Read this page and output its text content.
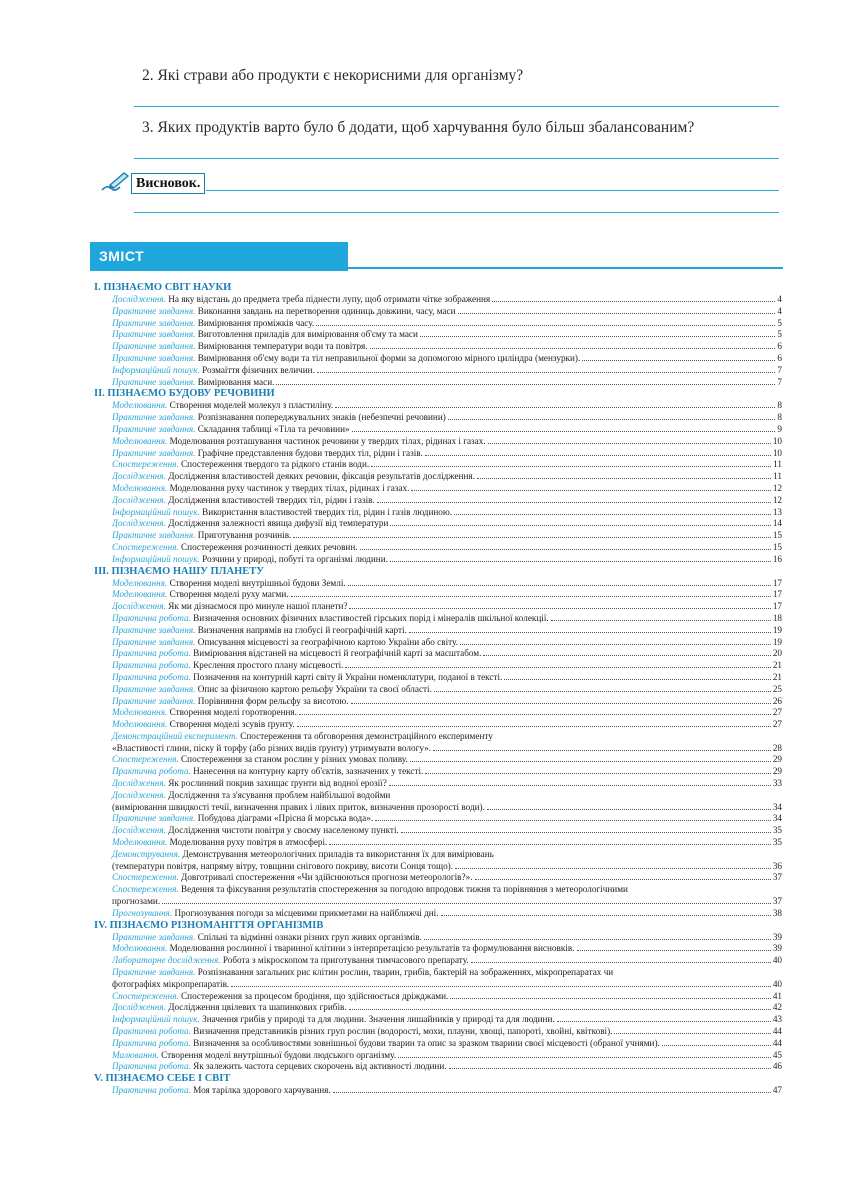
2. Які страви або продукти є некорисними для організму?
3. Яких продуктів варто було б додати, щоб харчування було більш збалансованим?
Висновок.
ЗМІСТ
I. ПІЗНАЄМО СВІТ НАУКИ
Дослідження. На яку відстань до предмета треба піднести лупу, щоб отримати чітке зображення	4
Практичне завдання. Виконання завдань на перетворення одиниць довжини, часу, маси	4
Практичне завдання. Вимірювання проміжків часу.	5
Практичне завдання. Виготовлення приладів для вимірювання об'єму та маси	5
Практичне завдання. Вимірювання температури води та повітря.	6
Практичне завдання. Вимірювання об'єму води та тіл неправильної форми за допомогою мірного циліндра (мензурки).	6
Інформаційний пошук. Розмаїття фізичних величин.	7
Практичне завдання. Вимірювання маси.	7
II. ПІЗНАЄМО БУДОВУ РЕЧОВИНИ
Моделювання. Створення моделей молекул з пластиліну.	8
Практичне завдання. Розпізнавання попереджувальних знаків (небезпечні речовини)	8
Практичне завдання. Складання таблиці «Тіла та речовини»	9
Моделювання. Моделювання розташування частинок речовини у твердих тілах, рідинах і газах.	10
Практичне завдання. Графічне представлення будови твердих тіл, рідин і газів.	10
Спостереження. Спостереження твердого та рідкого станів води.	11
Дослідження. Дослідження властивостей деяких речовин, фіксація результатів дослідження.	11
Моделювання. Моделювання руху частинок у твердих тілах, рідинах і газах.	12
Дослідження. Дослідження властивостей твердих тіл, рідин і газів.	12
Інформаційний пошук. Використання властивостей твердих тіл, рідин і газів людиною.	13
Дослідження. Дослідження залежності явища дифузії від температури	14
Практичне завдання. Приготування розчинів.	15
Спостереження. Спостереження розчинності деяких речовин.	15
Інформаційний пошук. Розчини у природі, побуті та організмі людини.	16
III. ПІЗНАЄМО НАШУ ПЛАНЕТУ
Моделювання. Створення моделі внутрішньої будови Землі.	17
Моделювання. Створення моделі руху магми.	17
Дослідження. Як ми дізнаємося про минуле нашої планети?	17
Практична робота. Визначення основних фізичних властивостей гірських порід і мінералів шкільної колекції.	18
Практичне завдання. Визначення напрямів на глобусі й географічній карті.	19
Практичне завдання. Описування місцевості за географічною картою України або світу.	19
Практична робота. Вимірювання відстаней на місцевості й географічній карті за масштабом.	20
Практична робота. Креслення простого плану місцевості.	21
Практична робота. Позначення на контурній карті світу й України номенклатури, поданої в тексті.	21
Практичне завдання. Опис за фізичною картою рельєфу України та своєї області.	25
Практичне завдання. Порівняння форм рельєфу за висотою.	26
Моделювання. Створення моделі горотворення.	27
Моделювання. Створення моделі зсувів ґрунту.	27
Демонстраційний експеримент. Спостереження та обговорення демонстраційного експерименту
«Властивості глини, піску й торфу (або різних видів ґрунту) утримувати вологу».	28
Спостереження. Спостереження за станом рослин у різних умовах поливу.	29
Практична робота. Нанесення на контурну карту об'єктів, зазначених у тексті.	29
Дослідження. Як рослинний покрив захищає ґрунти від водної ерозії?	33
Дослідження. Дослідження та з'ясування проблем найбільшої водойми
(вимірювання швидкості течії, визначення правих і лівих приток, визначення прозорості води).	34
Практичне завдання. Побудова діаграми «Прісна й морська вода».	34
Дослідження. Дослідження чистоти повітря у своєму населеному пункті.	35
Моделювання. Моделювання руху повітря в атмосфері.	35
Демонстрування. Демонстрування метеорологічних приладів та використання їх для вимірювань
(температури повітря, напряму вітру, товщини снігового покриву, висоти Сонця тощо).	36
Спостереження. Довготривалі спостереження «Чи здійснюються прогнози метеорологів?».	37
Спостереження. Ведення та фіксування результатів спостереження за погодою впродовж тижня та порівняння з метеорологічними
прогнозами.	37
Прогнозування. Прогнозування погоди за місцевими прикметами на найближчі дні.	38
IV. ПІЗНАЄМО РІЗНОМАНІТТЯ ОРГАНІЗМІВ
Практичне завдання. Спільні та відмінні ознаки різних груп живих організмів.	39
Моделювання. Моделювання рослинної і тваринної клітини з інтерпретацією результатів та формулювання висновків.	39
Лабораторне дослідження. Робота з мікроскопом та приготування тимчасового препарату.	40
Практичне завдання. Розпізнавання загальних рис клітин рослин, тварин, грибів, бактерій на зображеннях, мікропрепаратах чи
фотографіях мікропрепаратів.	40
Спостереження. Спостереження за процесом бродіння, що здійснюється дріжджами.	41
Дослідження. Дослідження цвілевих та шапинкових грибів.	42
Інформаційний пошук. Значення грибів у природі та для людини. Значення лишайників у природі та для людини.	43
Практична робота. Визначення представників різних груп рослин (водорості, мохи, плауни, хвощі, папороті, хвойні, квіткові).	44
Практична робота. Визначення за особливостями зовнішньої будови тварин та опис за зразком тварини своєї місцевості (обраної учнями).	44
Малювання. Створення моделі внутрішньої будови людського організму.	45
Практична робота. Як залежить частота серцевих скорочень від активності людини.	46
V. ПІЗНАЄМО СЕБЕ І СВІТ
Практична робота. Моя тарілка здорового харчування.	47
